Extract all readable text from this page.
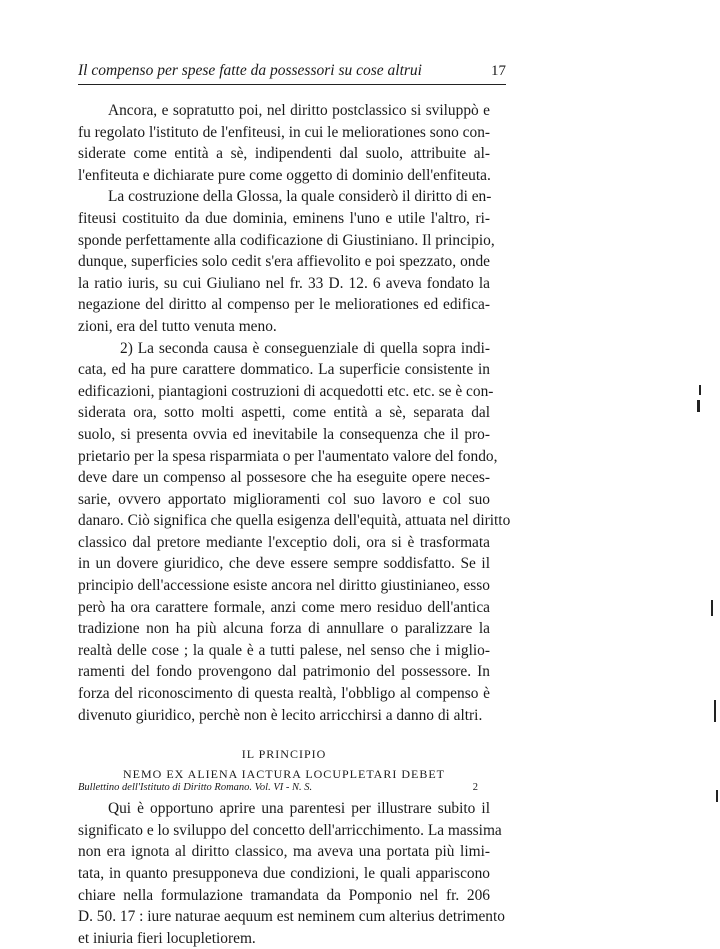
Il compenso per spese fatte da possessori su cose altrui	17
Ancora, e sopratutto poi, nel diritto postclassico si sviluppò e
fu regolato l'istituto de l'enfiteusi, in cui le meliorationes sono con-
siderate come entità a sè, indipendenti dal suolo, attribuite al-
l'enfiteuta e dichiarate pure come oggetto di dominio dell'enfiteuta.
La costruzione della Glossa, la quale considerò il diritto di en-
fiteusi costituito da due dominia, eminens l'uno e utile l'altro, ri-
sponde perfettamente alla codificazione di Giustiniano. Il principio,
dunque, superficies solo cedit s'era affievolito e poi spezzato, onde
la ratio iuris, su cui Giuliano nel fr. 33 D. 12. 6 aveva fondato la
negazione del diritto al compenso per le meliorationes ed edifica-
zioni, era del tutto venuta meno.
2) La seconda causa è conseguenziale di quella sopra indi-
cata, ed ha pure carattere dommatico. La superficie consistente in
edificazioni, piantagioni costruzioni di acquedotti etc. etc. se è con-
siderata ora, sotto molti aspetti, come entità a sè, separata dal
suolo, si presenta ovvia ed inevitabile la consequenza che il pro-
prietario per la spesa risparmiata o per l'aumentato valore del fondo,
deve dare un compenso al possesore che ha eseguite opere neces-
sarie, ovvero apportato miglioramenti col suo lavoro e col suo
danaro. Ciò significa che quella esigenza dell'equità, attuata nel diritto
classico dal pretore mediante l'exceptio doli, ora si è trasformata
in un dovere giuridico, che deve essere sempre soddisfatto. Se il
principio dell'accessione esiste ancora nel diritto giustinianeo, esso
però ha ora carattere formale, anzi come mero residuo dell'antica
tradizione non ha più alcuna forza di annullare o paralizzare la
realtà delle cose ; la quale è a tutti palese, nel senso che i miglio-
ramenti del fondo provengono dal patrimonio del possessore. In
forza del riconoscimento di questa realtà, l'obbligo al compenso è
divenuto giuridico, perchè non è lecito arricchirsi a danno di altri.
IL PRINCIPIO
NEMO EX ALIENA IACTURA LOCUPLETARI DEBET
Qui è opportuno aprire una parentesi per illustrare subito il
significato e lo sviluppo del concetto dell'arricchimento. La massima
non era ignota al diritto classico, ma aveva una portata più limi-
tata, in quanto presupponeva due condizioni, le quali appariscono
chiare nella formulazione tramandata da Pomponio nel fr. 206
D. 50. 17 : iure naturae aequum est neminem cum alterius detrimento
et iniuria fieri locupletiorem.
Bullettino dell'Istituto di Diritto Romano. Vol. VI - N. S.	2
